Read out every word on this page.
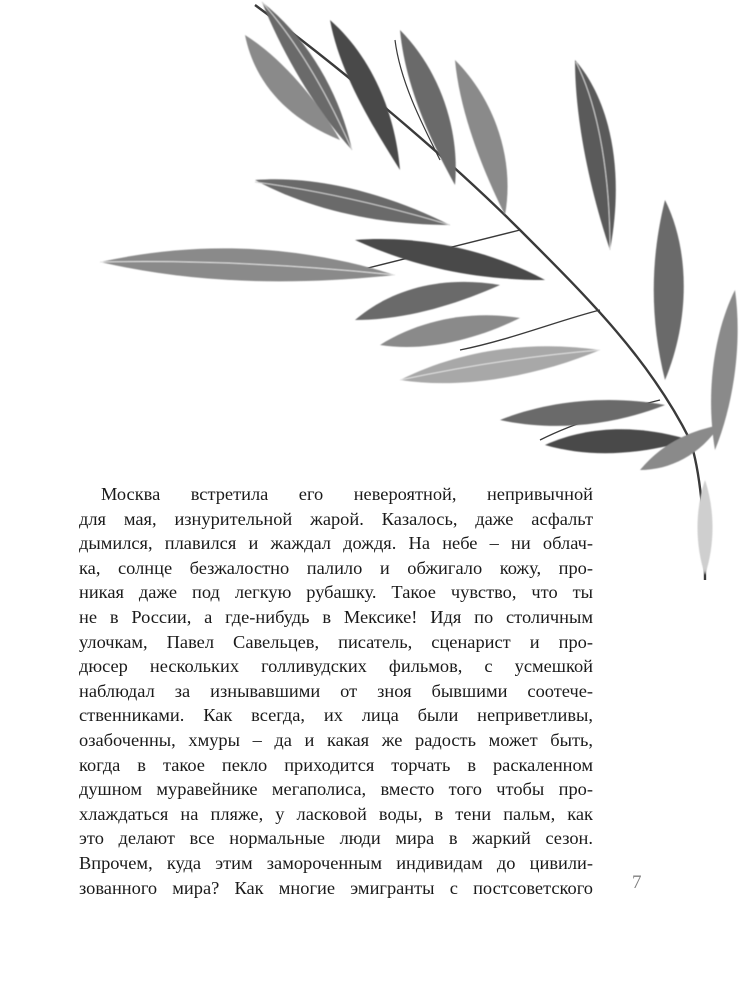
Москва встретила его невероятной, непривычной
для мая, изнурительной жарой. Казалось, даже асфальт
дымился, плавился и жаждал дождя. На небе – ни облач-
ка, солнце безжалостно палило и обжигало кожу, про-
никая даже под легкую рубашку. Такое чувство, что ты
не в России, а где-нибудь в Мексике! Идя по столичным
улочкам, Павел Савельцев, писатель, сценарист и про-
дюсер нескольких голливудских фильмов, с усмешкой
наблюдал за изнывавшими от зноя бывшими соотече-
ственниками. Как всегда, их лица были неприветливы,
озабоченны, хмуры – да и какая же радость может быть,
когда в такое пекло приходится торчать в раскаленном
душном муравейнике мегаполиса, вместо того чтобы про-
хлаждаться на пляже, у ласковой воды, в тени пальм, как
это делают все нормальные люди мира в жаркий сезон.
Впрочем, куда этим замороченным индивидам до цивили-
зованного мира? Как многие эмигранты с постсоветского 7
